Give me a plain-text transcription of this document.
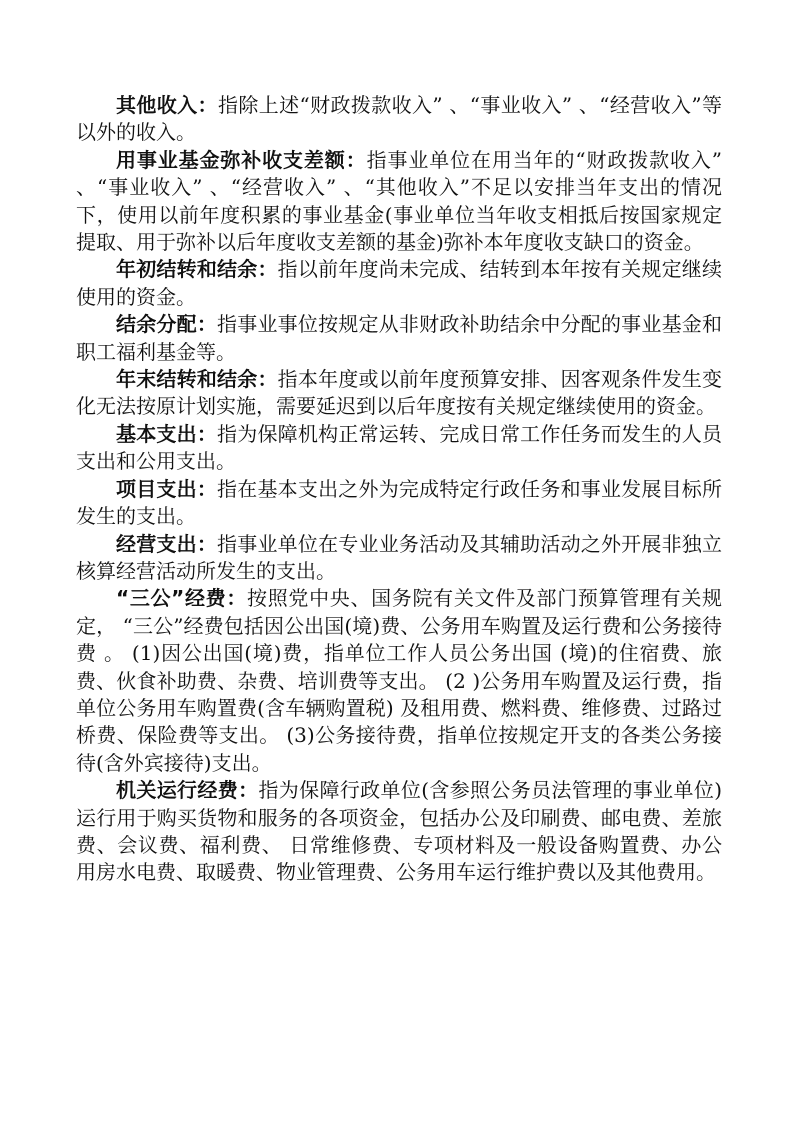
其他收入：指除上述“财政拨款收入” 、“事业收入” 、“经营收入”等以外的收入。

用事业基金弥补收支差额：指事业单位在用当年的“财政拨款收入” 、“事业收入” 、“经营收入” 、“其他收入”不足以安排当年支出的情况下，使用以前年度积累的事业基金(事业单位当年收支相抵后按国家规定提取、用于弥补以后年度收支差额的基金)弥补本年度收支缺口的资金。

年初结转和结余：指以前年度尚未完成、结转到本年按有关规定继续使用的资金。

结余分配：指事业事位按规定从非财政补助结余中分配的事业基金和职工福利基金等。

年末结转和结余：指本年度或以前年度预算安排、因客观条件发生变化无法按原计划实施，需要延迟到以后年度按有关规定继续使用的资金。

基本支出：指为保障机构正常运转、完成日常工作任务而发生的人员支出和公用支出。

项目支出：指在基本支出之外为完成特定行政任务和事业发展目标所发生的支出。

经营支出：指事业单位在专业业务活动及其辅助活动之外开展非独立核算经营活动所发生的支出。

“三公”经费：按照党中央、国务院有关文件及部门预算管理有关规定， “三公”经费包括因公出国(境)费、公务用车购置及运行费和公务接待费 。 (1)因公出国(境)费，指单位工作人员公务出国 (境)的住宿费、旅费、伙食补助费、杂费、培训费等支出。 (2 )公务用车购置及运行费，指单位公务用车购置费(含车辆购置税) 及租用费、燃料费、维修费、过路过桥费、保险费等支出。 (3)公务接待费，指单位按规定开支的各类公务接待(含外宾接待)支出。

机关运行经费：指为保障行政单位(含参照公务员法管理的事业单位)运行用于购买货物和服务的各项资金，包括办公及印刷费、邮电费、差旅费、会议费、福利费、 日常维修费、专项材料及一般设备购置费、办公用房水电费、取暖费、物业管理费、公务用车运行维护费以及其他费用。
